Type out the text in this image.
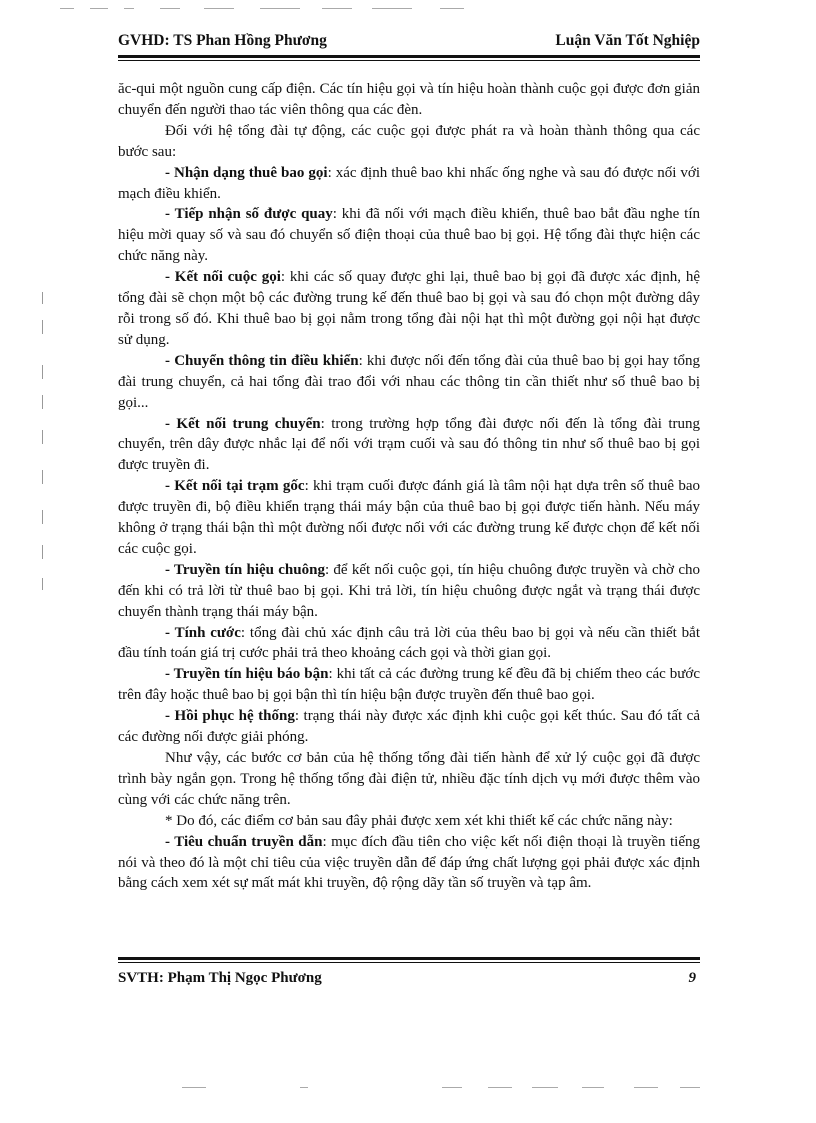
GVHD: TS Phan Hồng Phương	Luận Văn Tốt Nghiệp

ăc-qui một nguồn cung cấp điện. Các tín hiệu gọi và tín hiệu hoàn thành cuộc gọi được đơn giản chuyển đến người thao tác viên thông qua các đèn.

Đối với hệ tổng đài tự động, các cuộc gọi được phát ra và hoàn thành thông qua các bước sau:

- Nhận dạng thuê bao gọi: xác định thuê bao khi nhấc ống nghe và sau đó được nối với mạch điều khiển.

- Tiếp nhận số được quay: khi đã nối với mạch điều khiển, thuê bao bắt đầu nghe tín hiệu mời quay số và sau đó chuyển số điện thoại của thuê bao bị gọi. Hệ tổng đài thực hiện các chức năng này.

- Kết nối cuộc gọi: khi các số quay được ghi lại, thuê bao bị gọi đã được xác định, hệ tổng đài sẽ chọn một bộ các đường trung kế đến thuê bao bị gọi và sau đó chọn một đường dây rỗi trong số đó. Khi thuê bao bị gọi nằm trong tổng đài nội hạt thì một đường gọi nội hạt được sử dụng.

- Chuyển thông tin điều khiển: khi được nối đến tổng đài của thuê bao bị gọi hay tổng đài trung chuyển, cả hai tổng đài trao đổi với nhau các thông tin cần thiết như số thuê bao bị gọi...

- Kết nối trung chuyển: trong trường hợp tổng đài được nối đến là tổng đài trung chuyển, trên dây được nhắc lại để nối với trạm cuối và sau đó thông tin như số thuê bao bị gọi được truyền đi.

- Kết nối tại trạm gốc: khi trạm cuối được đánh giá là tâm nội hạt dựa trên số thuê bao được truyền đi, bộ điều khiển trạng thái máy bận của thuê bao bị gọi được tiến hành. Nếu máy không ở trạng thái bận thì một đường nối được nối với các đường trung kế được chọn để kết nối các cuộc gọi.

- Truyền tín hiệu chuông: để kết nối cuộc gọi, tín hiệu chuông được truyền và chờ cho đến khi có trả lời từ thuê bao bị gọi. Khi trả lời, tín hiệu chuông được ngắt và trạng thái được chuyển thành trạng thái máy bận.

- Tính cước: tổng đài chủ xác định câu trả lời của thêu bao bị gọi và nếu cần thiết bắt đầu tính toán giá trị cước phải trả theo khoảng cách gọi và thời gian gọi.

- Truyền tín hiệu báo bận: khi tất cả các đường trung kế đều đã bị chiếm theo các bước trên đây hoặc thuê bao bị gọi bận thì tín hiệu bận được truyền đến thuê bao gọi.

- Hồi phục hệ thống: trạng thái này được xác định khi cuộc gọi kết thúc. Sau đó tất cả các đường nối được giải phóng.

Như vậy, các bước cơ bản của hệ thống tổng đài tiến hành để xử lý cuộc gọi đã được trình bày ngắn gọn. Trong hệ thống tổng đài điện tử, nhiều đặc tính dịch vụ mới được thêm vào cùng với các chức năng trên.

* Do đó, các điểm cơ bản sau đây phải được xem xét khi thiết kế các chức năng này:

- Tiêu chuẩn truyền dẫn: mục đích đầu tiên cho việc kết nối điện thoại là truyền tiếng nói và theo đó là một chỉ tiêu của việc truyền dẫn để đáp ứng chất lượng gọi phải được xác định bằng cách xem xét sự mất mát khi truyền, độ rộng dãy tần số truyền và tạp âm.

SVTH: Phạm Thị Ngọc Phương	9
